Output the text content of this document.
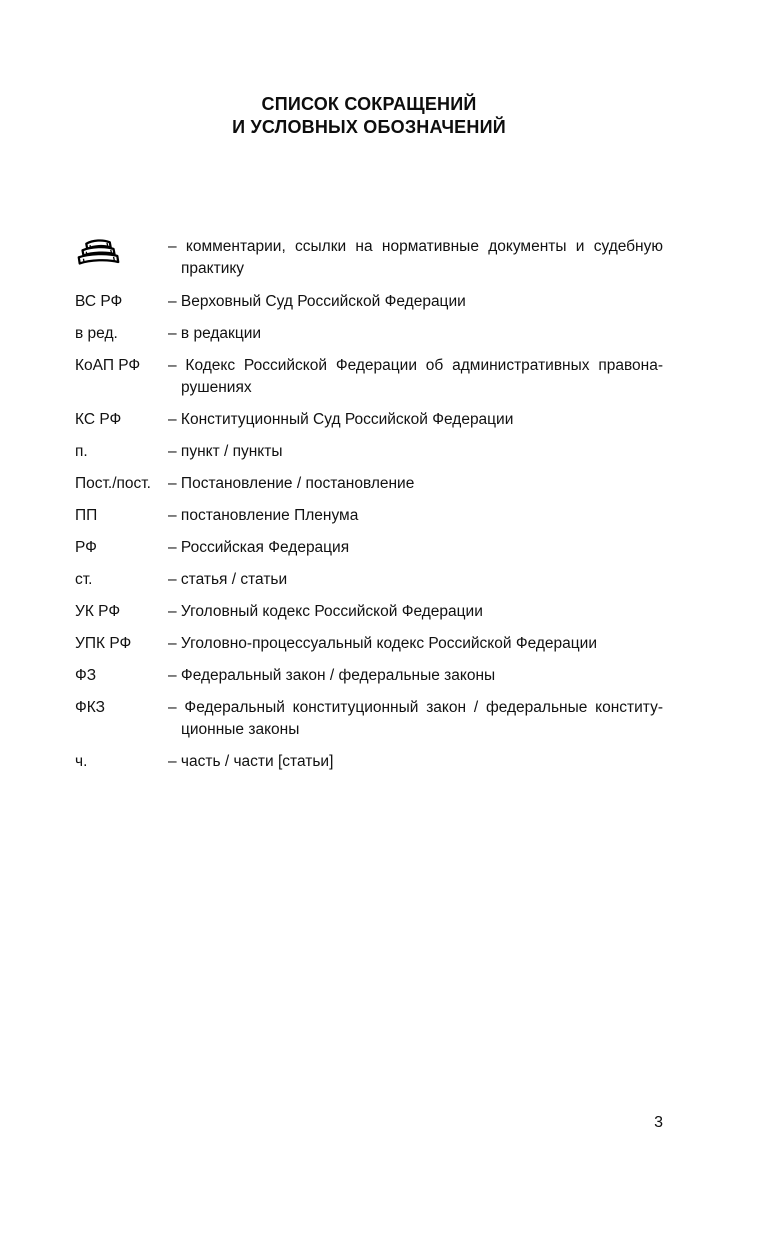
СПИСОК СОКРАЩЕНИЙ
И УСЛОВНЫХ ОБОЗНАЧЕНИЙ
– комментарии, ссылки на нормативные документы и судебную практику
ВС РФ	– Верховный Суд Российской Федерации
в ред.	– в редакции
КоАП РФ	– Кодекс Российской Федерации об административных правонарушениях
КС РФ	– Конституционный Суд Российской Федерации
п.	– пункт / пункты
Пост./пост.	– Постановление / постановление
ПП	– постановление Пленума
РФ	– Российская Федерация
ст.	– статья / статьи
УК РФ	– Уголовный кодекс Российской Федерации
УПК РФ	– Уголовно-процессуальный кодекс Российской Федерации
ФЗ	– Федеральный закон / федеральные законы
ФКЗ	– Федеральный конституционный закон / федеральные конституционные законы
ч.	– часть / части [статьи]
3
